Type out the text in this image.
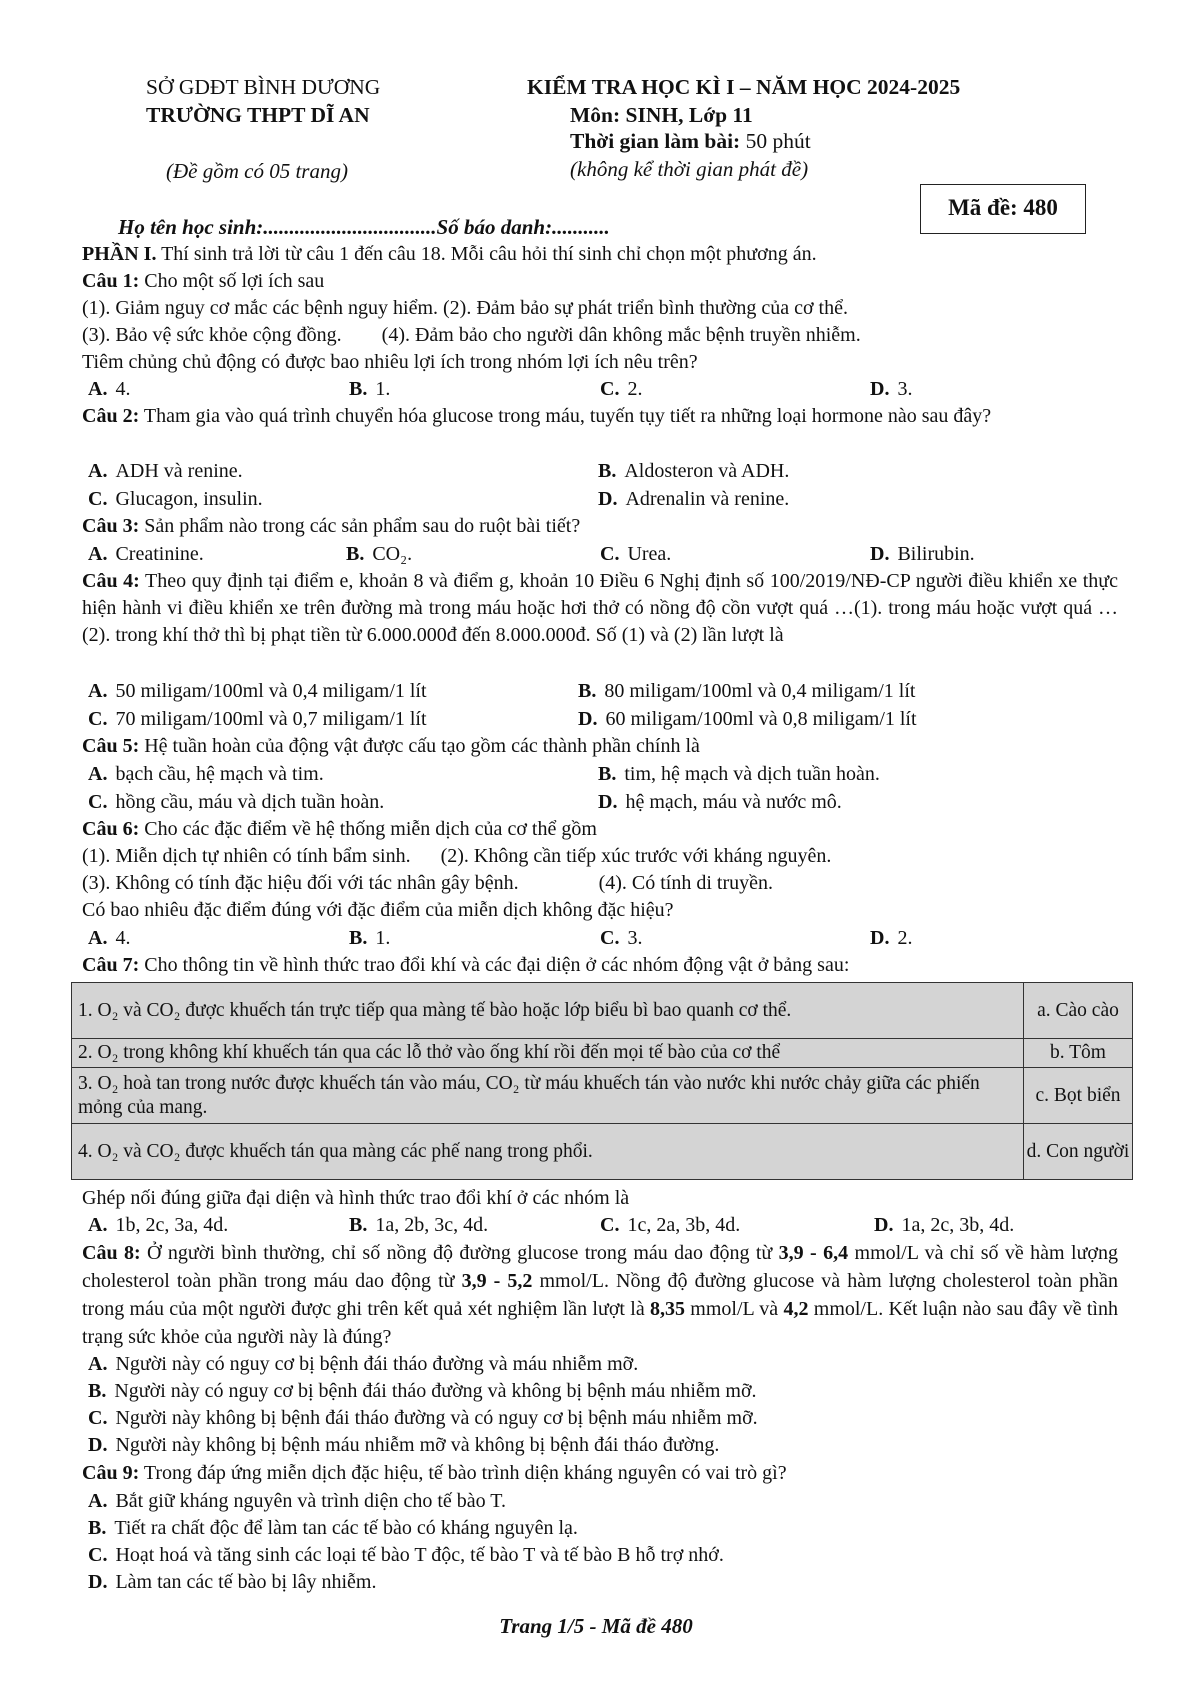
SỞ GDĐT BÌNH DƯƠNG
TRƯỜNG THPT DĨ AN
(Đề gồm có 05 trang)
KIỂM TRA HỌC KÌ I – NĂM HỌC 2024-2025
Môn: SINH, Lớp 11
Thời gian làm bài: 50 phút
(không kể thời gian phát đề)
Mã đề: 480
Họ tên học sinh:.................................Số báo danh:...........
PHẦN I. Thí sinh trả lời từ câu 1 đến câu 18. Mỗi câu hỏi thí sinh chỉ chọn một phương án.
Câu 1: Cho một số lợi ích sau
(1). Giảm nguy cơ mắc các bệnh nguy hiểm. (2). Đảm bảo sự phát triển bình thường của cơ thể.
(3). Bảo vệ sức khỏe cộng đồng.        (4). Đảm bảo cho người dân không mắc bệnh truyền nhiễm.
Tiêm chủng chủ động có được bao nhiêu lợi ích trong nhóm lợi ích nêu trên?
A. 4.	B. 1.	C. 2.	D. 3.
Câu 2: Tham gia vào quá trình chuyển hóa glucose trong máu, tuyến tụy tiết ra những loại hormone nào sau đây?
A. ADH và renine.	B. Aldosteron và ADH.
C. Glucagon, insulin.	D. Adrenalin và renine.
Câu 3: Sản phẩm nào trong các sản phẩm sau do ruột bài tiết?
A. Creatinine.	B. CO₂.	C. Urea.	D. Bilirubin.
Câu 4: Theo quy định tại điểm e, khoản 8 và điểm g, khoản 10 Điều 6 Nghị định số 100/2019/NĐ-CP người điều khiển xe thực hiện hành vi điều khiển xe trên đường mà trong máu hoặc hơi thở có nồng độ cồn vượt quá …(1). trong máu hoặc vượt quá …(2). trong khí thở thì bị phạt tiền từ 6.000.000đ đến 8.000.000đ. Số (1) và (2) lần lượt là
A. 50 miligam/100ml và 0,4 miligam/1 lít	B. 80 miligam/100ml và 0,4 miligam/1 lít
C. 70 miligam/100ml và 0,7 miligam/1 lít	D. 60 miligam/100ml và 0,8 miligam/1 lít
Câu 5: Hệ tuần hoàn của động vật được cấu tạo gồm các thành phần chính là
A. bạch cầu, hệ mạch và tim.	B. tim, hệ mạch và dịch tuần hoàn.
C. hồng cầu, máu và dịch tuần hoàn.	D. hệ mạch, máu và nước mô.
Câu 6: Cho các đặc điểm về hệ thống miễn dịch của cơ thể gồm
(1). Miễn dịch tự nhiên có tính bẩm sinh.      (2). Không cần tiếp xúc trước với kháng nguyên.
(3). Không có tính đặc hiệu đối với tác nhân gây bệnh.                (4). Có tính di truyền.
Có bao nhiêu đặc điểm đúng với đặc điểm của miễn dịch không đặc hiệu?
A. 4.	B. 1.	C. 3.	D. 2.
Câu 7: Cho thông tin về hình thức trao đổi khí và các đại diện ở các nhóm động vật ở bảng sau:
1. O₂ và CO₂ được khuếch tán trực tiếp qua màng tế bào hoặc lớp biểu bì bao quanh cơ thể.	a. Cào cào
2. O₂ trong không khí khuếch tán qua các lỗ thở vào ống khí rồi đến mọi tế bào của cơ thể	b. Tôm
3. O₂ hoà tan trong nước được khuếch tán vào máu, CO₂ từ máu khuếch tán vào nước khi nước chảy giữa các phiến mỏng của mang.	c. Bọt biển
4. O₂ và CO₂ được khuếch tán qua màng các phế nang trong phổi.	d. Con người
Ghép nối đúng giữa đại diện và hình thức trao đổi khí ở các nhóm là
A. 1b, 2c, 3a, 4d.	B. 1a, 2b, 3c, 4d.	C. 1c, 2a, 3b, 4d.	D. 1a, 2c, 3b, 4d.
Câu 8: Ở người bình thường, chỉ số nồng độ đường glucose trong máu dao động từ 3,9 - 6,4 mmol/L và chỉ số về hàm lượng cholesterol toàn phần trong máu dao động từ 3,9 - 5,2 mmol/L. Nồng độ đường glucose và hàm lượng cholesterol toàn phần trong máu của một người được ghi trên kết quả xét nghiệm lần lượt là 8,35 mmol/L và 4,2 mmol/L. Kết luận nào sau đây về tình trạng sức khỏe của người này là đúng?
A. Người này có nguy cơ bị bệnh đái tháo đường và máu nhiễm mỡ.
B. Người này có nguy cơ bị bệnh đái tháo đường và không bị bệnh máu nhiễm mỡ.
C. Người này không bị bệnh đái tháo đường và có nguy cơ bị bệnh máu nhiễm mỡ.
D. Người này không bị bệnh máu nhiễm mỡ và không bị bệnh đái tháo đường.
Câu 9: Trong đáp ứng miễn dịch đặc hiệu, tế bào trình diện kháng nguyên có vai trò gì?
A. Bắt giữ kháng nguyên và trình diện cho tế bào T.
B. Tiết ra chất độc để làm tan các tế bào có kháng nguyên lạ.
C. Hoạt hoá và tăng sinh các loại tế bào T độc, tế bào T và tế bào B hỗ trợ nhớ.
D. Làm tan các tế bào bị lây nhiễm.
Trang 1/5 - Mã đề 480
